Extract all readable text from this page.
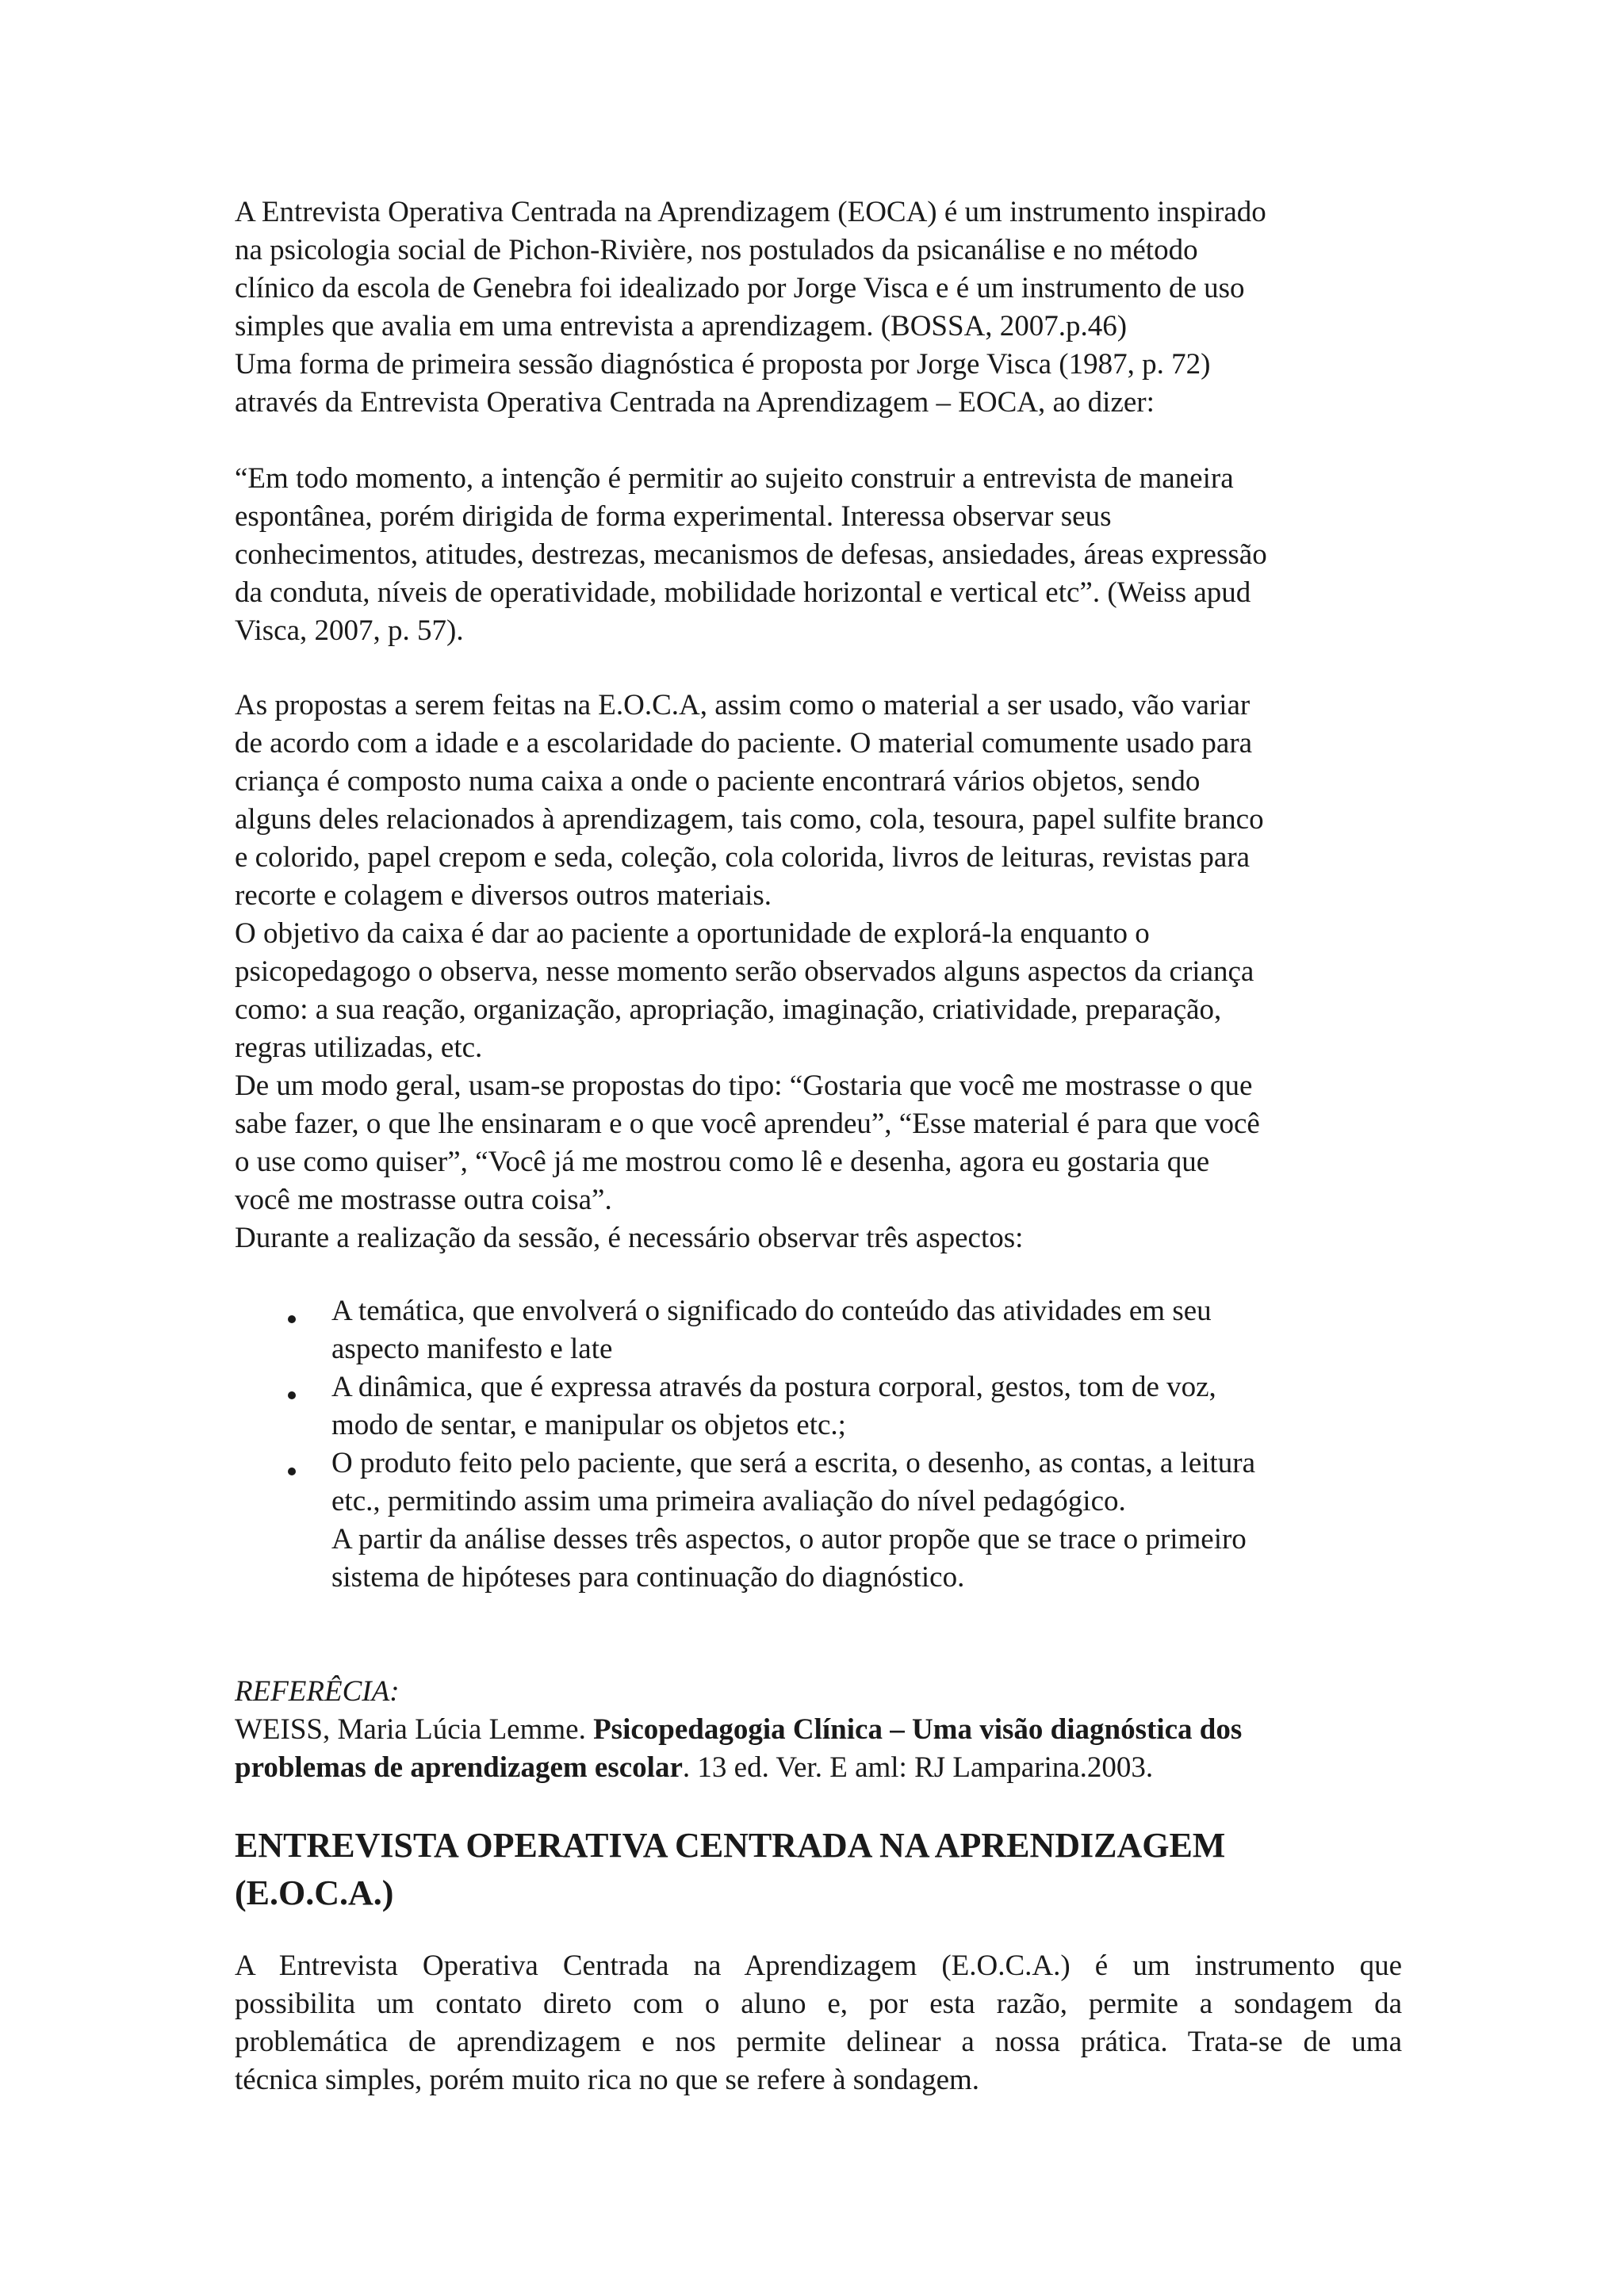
A Entrevista Operativa Centrada na Aprendizagem (EOCA) é um instrumento inspirado
na psicologia social de Pichon-Rivière, nos postulados da psicanálise e no método
clínico da escola de Genebra foi idealizado por Jorge Visca e é um instrumento de uso
simples que avalia em uma entrevista a aprendizagem. (BOSSA, 2007.p.46)
Uma forma de primeira sessão diagnóstica é proposta por Jorge Visca (1987, p. 72)
através da Entrevista Operativa Centrada na Aprendizagem – EOCA, ao dizer:
“Em todo momento, a intenção é permitir ao sujeito construir a entrevista de maneira
espontânea, porém dirigida de forma experimental. Interessa observar seus
conhecimentos, atitudes, destrezas, mecanismos de defesas, ansiedades, áreas expressão
da conduta, níveis de operatividade, mobilidade horizontal e vertical etc”. (Weiss apud
Visca, 2007, p. 57).
As propostas a serem feitas na E.O.C.A, assim como o material a ser usado, vão variar
de acordo com a idade e a escolaridade do paciente. O material comumente usado para
criança é composto numa caixa a onde o paciente encontrará vários objetos, sendo
alguns deles relacionados à aprendizagem, tais como, cola, tesoura, papel sulfite branco
e colorido, papel crepom e seda, coleção, cola colorida, livros de leituras, revistas para
recorte e colagem e diversos outros materiais.
O objetivo da caixa é dar ao paciente a oportunidade de explorá-la enquanto o
psicopedagogo o observa, nesse momento serão observados alguns aspectos da criança
como: a sua reação, organização, apropriação, imaginação, criatividade, preparação,
regras utilizadas, etc.
De um modo geral, usam-se propostas do tipo: “Gostaria que você me mostrasse o que
sabe fazer, o que lhe ensinaram e o que você aprendeu”, “Esse material é para que você
o use como quiser”, “Você já me mostrou como lê e desenha, agora eu gostaria que
você me mostrasse outra coisa”.
Durante a realização da sessão, é necessário observar três aspectos:
A temática, que envolverá o significado do conteúdo das atividades em seu
aspecto manifesto e late
A dinâmica, que é expressa através da postura corporal, gestos, tom de voz,
modo de sentar, e manipular os objetos etc.;
O produto feito pelo paciente, que será a escrita, o desenho, as contas, a leitura
etc., permitindo assim uma primeira avaliação do nível pedagógico.
A partir da análise desses três aspectos, o autor propõe que se trace o primeiro
sistema de hipóteses para continuação do diagnóstico.
REFERÊCIA:
WEISS, Maria Lúcia Lemme. Psicopedagogia Clínica – Uma visão diagnóstica dos
problemas de aprendizagem escolar. 13 ed. Ver. E aml: RJ Lamparina.2003.
ENTREVISTA OPERATIVA CENTRADA NA APRENDIZAGEM
(E.O.C.A.)
A Entrevista Operativa Centrada na Aprendizagem (E.O.C.A.) é um instrumento que
possibilita um contato direto com o aluno e, por esta razão, permite a sondagem da
problemática de aprendizagem e nos permite delinear a nossa prática. Trata-se de uma
técnica simples, porém muito rica no que se refere à sondagem.
